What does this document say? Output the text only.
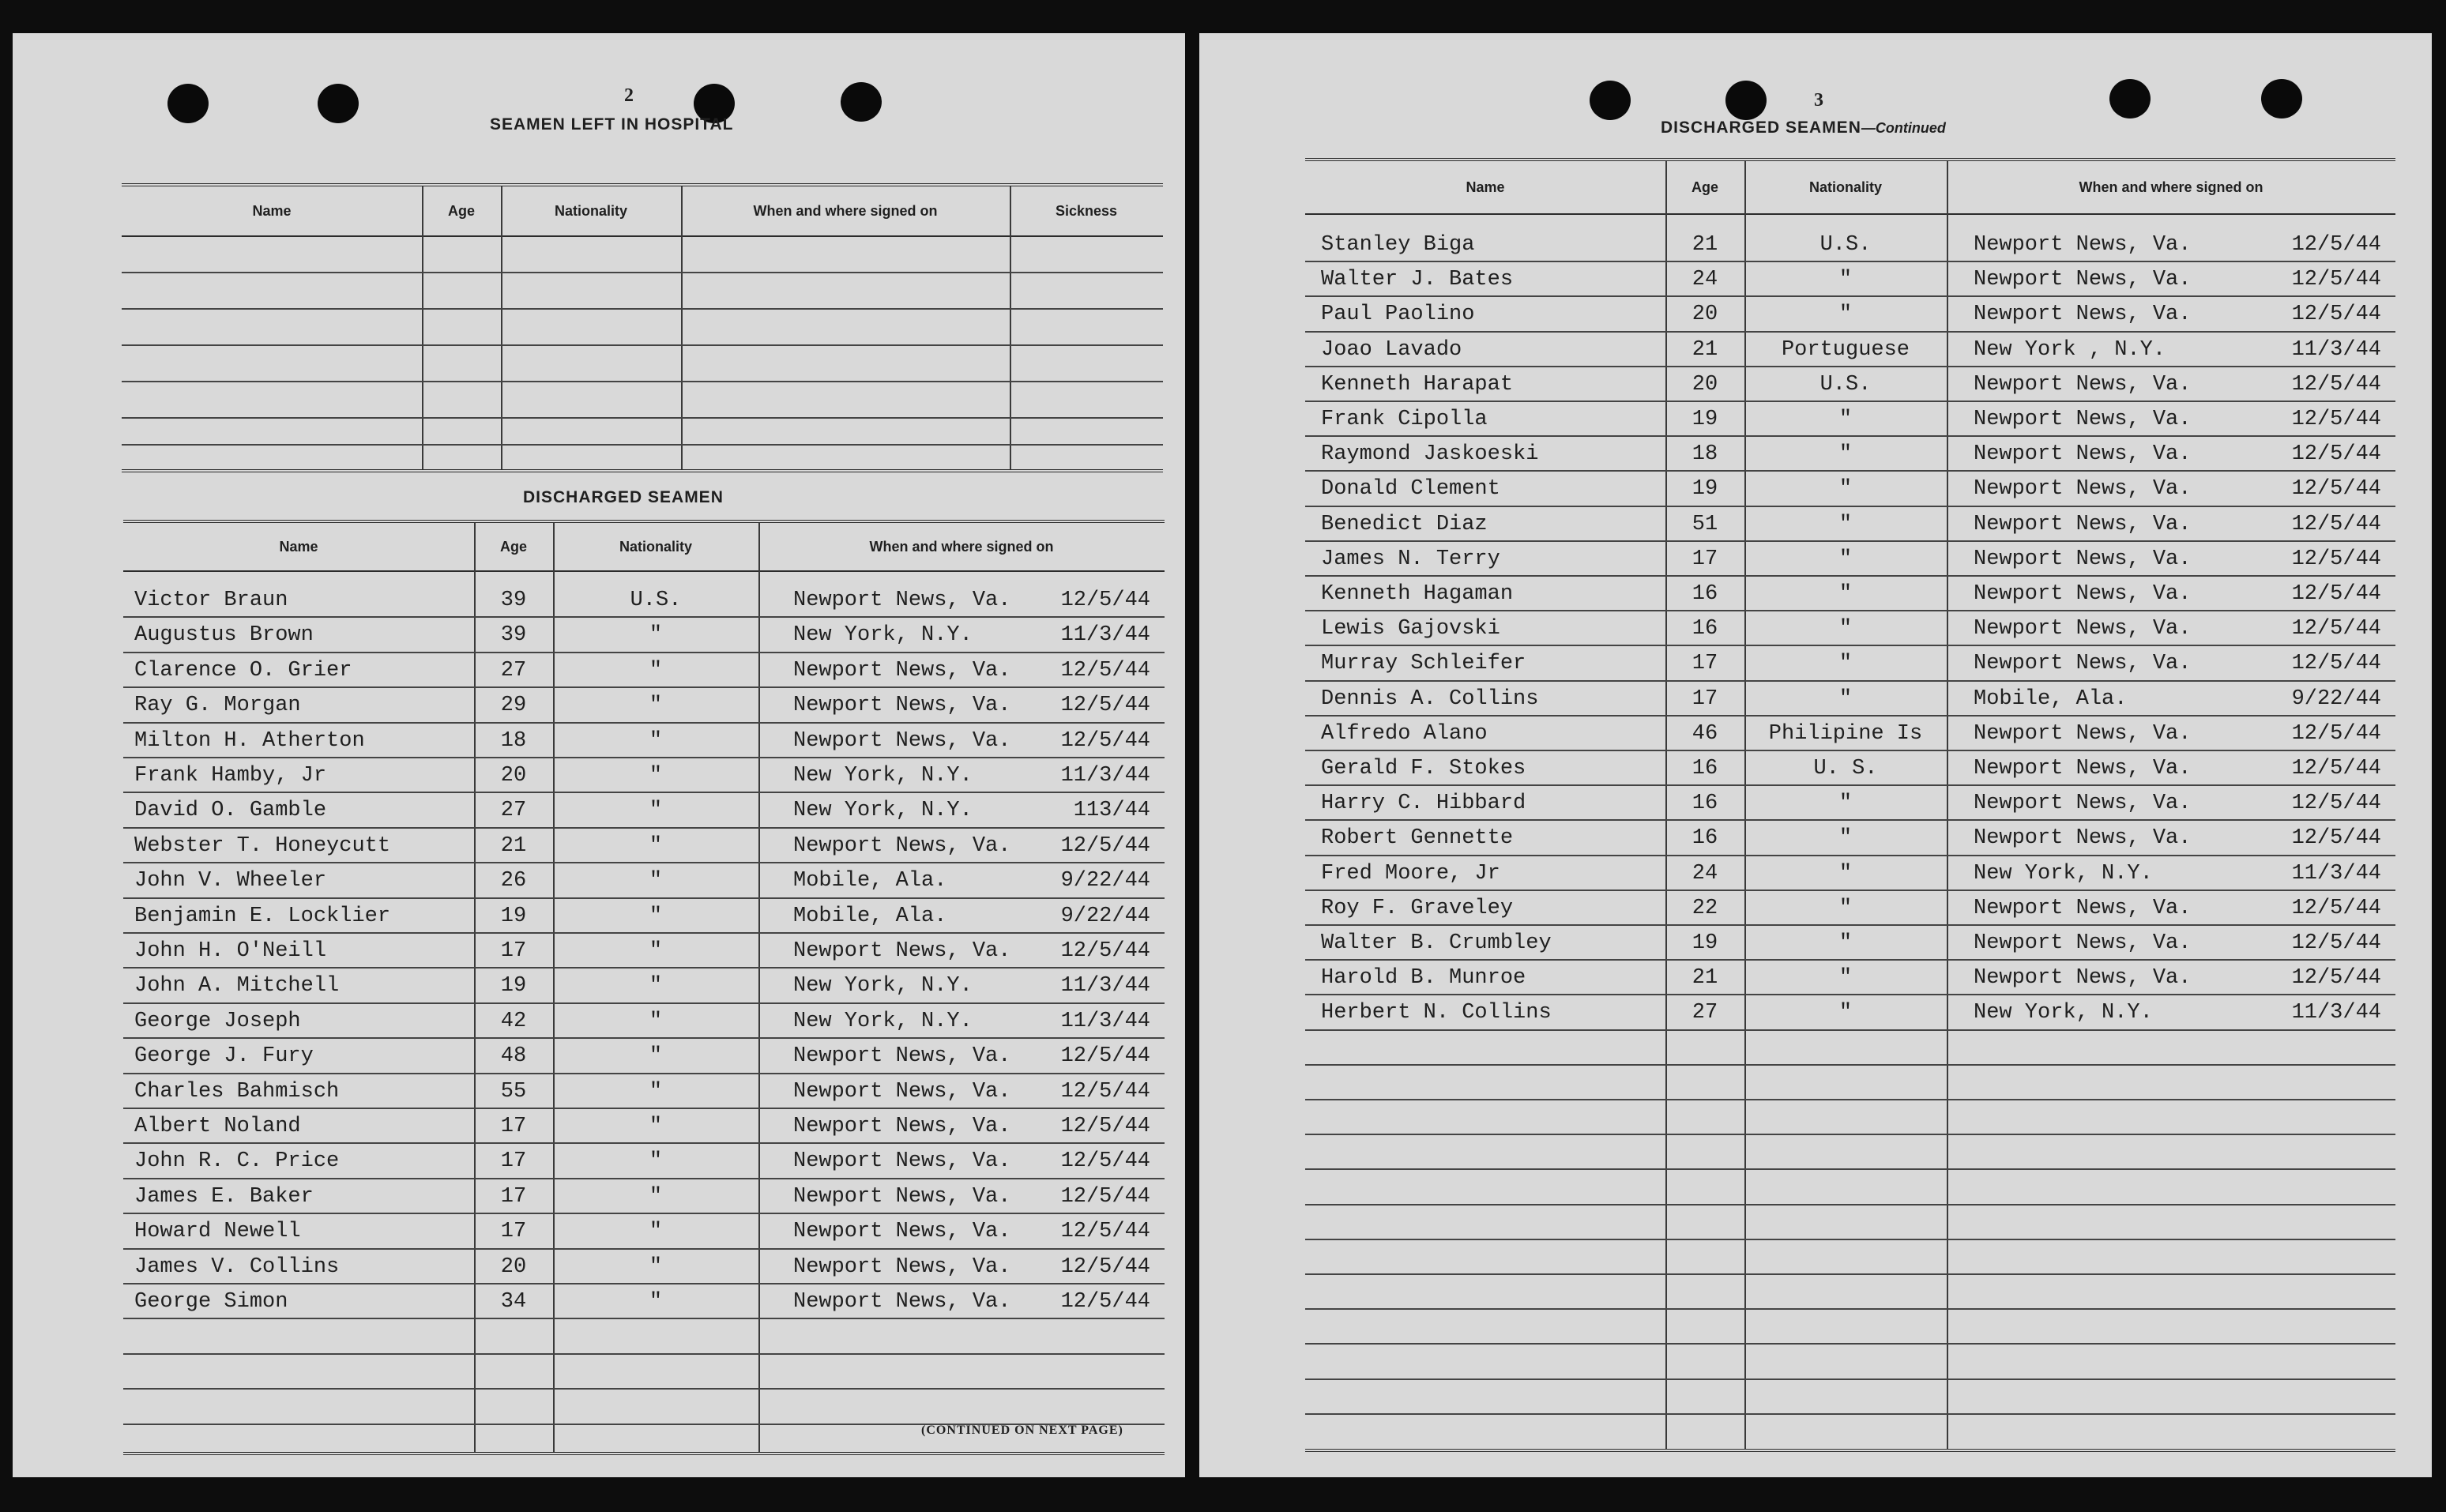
2
SEAMEN LEFT IN HOSPITAL
Name	Age	Nationality	When and where signed on	Sickness
DISCHARGED SEAMEN
Name	Age	Nationality	When and where signed on
Victor Braun	39	U.S.	Newport News, Va.	12/5/44
Augustus Brown	39	"	New York, N.Y.	11/3/44
Clarence O. Grier	27	"	Newport News, Va.	12/5/44
Ray G. Morgan	29	"	Newport News, Va.	12/5/44
Milton H. Atherton	18	"	Newport News, Va.	12/5/44
Frank Hamby, Jr	20	"	New York, N.Y.	11/3/44
David O. Gamble	27	"	New York, N.Y.	113/44
Webster T. Honeycutt	21	"	Newport News, Va.	12/5/44
John V. Wheeler	26	"	Mobile, Ala.	9/22/44
Benjamin E. Locklier	19	"	Mobile, Ala.	9/22/44
John H. O'Neill	17	"	Newport News, Va.	12/5/44
John A. Mitchell	19	"	New York, N.Y.	11/3/44
George Joseph	42	"	New York, N.Y.	11/3/44
George J. Fury	48	"	Newport News, Va.	12/5/44
Charles Bahmisch	55	"	Newport News, Va.	12/5/44
Albert Noland	17	"	Newport News, Va.	12/5/44
John R. C. Price	17	"	Newport News, Va.	12/5/44
James E. Baker	17	"	Newport News, Va.	12/5/44
Howard Newell	17	"	Newport News, Va.	12/5/44
James V. Collins	20	"	Newport News, Va.	12/5/44
George Simon	34	"	Newport News, Va.	12/5/44
(CONTINUED ON NEXT PAGE)
3
DISCHARGED SEAMEN—Continued
Name	Age	Nationality	When and where signed on
Stanley Biga	21	U.S.	Newport News, Va.	12/5/44
Walter J. Bates	24	"	Newport News, Va.	12/5/44
Paul Paolino	20	"	Newport News, Va.	12/5/44
Joao Lavado	21	Portuguese	New York , N.Y.	11/3/44
Kenneth Harapat	20	U.S.	Newport News, Va.	12/5/44
Frank Cipolla	19	"	Newport News, Va.	12/5/44
Raymond Jaskoeski	18	"	Newport News, Va.	12/5/44
Donald Clement	19	"	Newport News, Va.	12/5/44
Benedict Diaz	51	"	Newport News, Va.	12/5/44
James N. Terry	17	"	Newport News, Va.	12/5/44
Kenneth Hagaman	16	"	Newport News, Va.	12/5/44
Lewis Gajovski	16	"	Newport News, Va.	12/5/44
Murray Schleifer	17	"	Newport News, Va.	12/5/44
Dennis A. Collins	17	"	Mobile, Ala.	9/22/44
Alfredo Alano	46	Philipine Is	Newport News, Va.	12/5/44
Gerald F. Stokes	16	U. S.	Newport News, Va.	12/5/44
Harry C. Hibbard	16	"	Newport News, Va.	12/5/44
Robert Gennette	16	"	Newport News, Va.	12/5/44
Fred Moore, Jr	24	"	New York, N.Y.	11/3/44
Roy F. Graveley	22	"	Newport News, Va.	12/5/44
Walter B. Crumbley	19	"	Newport News, Va.	12/5/44
Harold B. Munroe	21	"	Newport News, Va.	12/5/44
Herbert N. Collins	27	"	New York, N.Y.	11/3/44
